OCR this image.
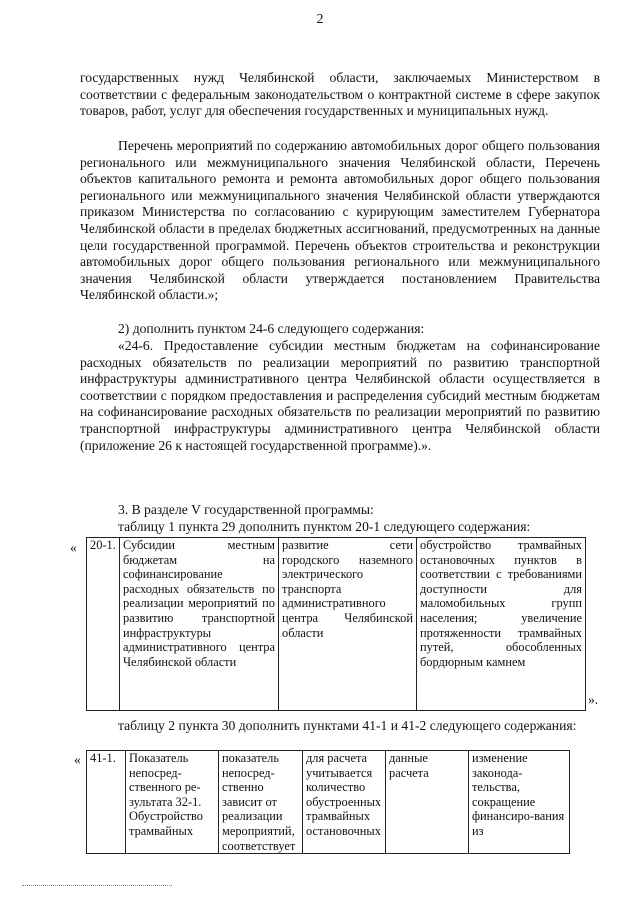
2

государственных нужд Челябинской области, заключаемых Министерством в соответствии с федеральным законодательством о контрактной системе в сфере закупок товаров, работ, услуг для обеспечения государственных и муниципальных нужд.

Перечень мероприятий по содержанию автомобильных дорог общего пользования регионального или межмуниципального значения Челябинской области, Перечень объектов капитального ремонта и ремонта автомобильных дорог общего пользования регионального или межмуниципального значения Челябинской области утверждаются приказом Министерства по согласованию с курирующим заместителем Губернатора Челябинской области в пределах бюджетных ассигнований, предусмотренных на данные цели государственной программой. Перечень объектов строительства и реконструкции автомобильных дорог общего пользования регионального или межмуниципального значения Челябинской области утверждается постановлением Правительства Челябинской области.»;

2) дополнить пунктом 24-6 следующего содержания:

«24-6. Предоставление субсидии местным бюджетам на софинансирование расходных обязательств по реализации мероприятий по развитию транспортной инфраструктуры административного центра Челябинской области осуществляется в соответствии с порядком предоставления и распределения субсидий местным бюджетам на софинансирование расходных обязательств по реализации мероприятий по развитию транспортной инфраструктуры административного центра Челябинской области (приложение 26 к настоящей государственной программе).».

3. В разделе V государственной программы:

таблицу 1 пункта 29 дополнить пунктом 20-1 следующего содержания:

« 20-1.	Субсидии местным бюджетам на софинансирование расходных обязательств по реализации мероприятий по развитию транспортной инфраструктуры административного центра Челябинской области	развитие сети городского наземного электрического транспорта административного центра Челябинской области	обустройство трамвайных остановочных пунктов в соответствии с требованиями доступности для маломобильных групп населения; увеличение протяженности трамвайных путей, обособленных бордюрным камнем
».

таблицу 2 пункта 30 дополнить пунктами 41-1 и 41-2 следующего содержания:

« 41-1.	Показатель непосред-ственного ре-зультата 32-1. Обустройство трамвайных	показатель непосред-ственно зависит от реализации мероприятий, соответствует	для расчета учитывается количество обустроенных трамвайных остановочных	данные расчета	изменение законода-тельства, сокращение финансиро-вания из
